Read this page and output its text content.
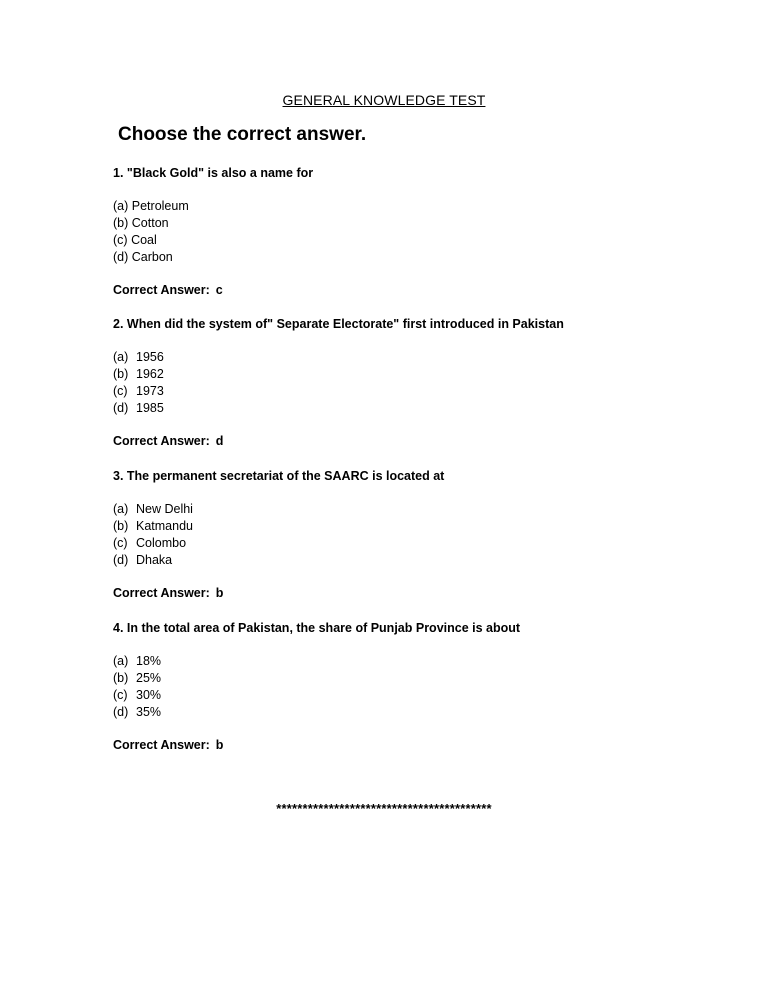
GENERAL KNOWLEDGE TEST
Choose the correct answer.
1. "Black Gold" is also a name for
(a) Petroleum
(b) Cotton
(c) Coal
(d) Carbon
Correct Answer: c
2. When did the system of" Separate Electorate" first introduced in Pakistan
(a) 1956
(b) 1962
(c) 1973
(d) 1985
Correct Answer: d
3. The permanent secretariat of the SAARC is located at
(a) New Delhi
(b) Katmandu
(c) Colombo
(d) Dhaka
Correct Answer: b
4. In the total area of Pakistan, the share of Punjab Province is about
(a) 18%
(b) 25%
(c) 30%
(d) 35%
Correct Answer: b
*****************************************
